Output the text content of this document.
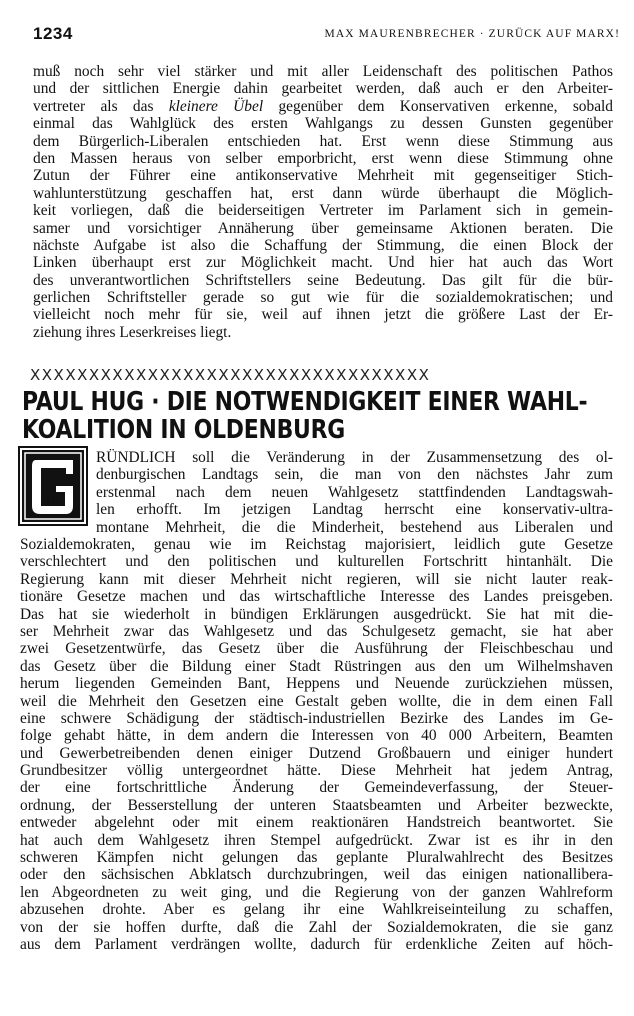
1234	MAX MAURENBRECHER · ZURÜCK AUF MARX!
muß noch sehr viel stärker und mit aller Leidenschaft des politischen Pathos
und der sittlichen Energie dahin gearbeitet werden, daß auch er den Arbeiter-
vertreter als das kleinere Übel gegenüber dem Konservativen erkenne, sobald
einmal das Wahlglück des ersten Wahlgangs zu dessen Gunsten gegenüber
dem Bürgerlich-Liberalen entschieden hat. Erst wenn diese Stimmung aus
den Massen heraus von selber emporbricht, erst wenn diese Stimmung ohne
Zutun der Führer eine antikonservative Mehrheit mit gegenseitiger Stich-
wahlunterstützung geschaffen hat, erst dann würde überhaupt die Möglich-
keit vorliegen, daß die beiderseitigen Vertreter im Parlament sich in gemein-
samer und vorsichtiger Annäherung über gemeinsame Aktionen beraten. Die
nächste Aufgabe ist also die Schaffung der Stimmung, die einen Block der
Linken überhaupt erst zur Möglichkeit macht. Und hier hat auch das Wort
des unverantwortlichen Schriftstellers seine Bedeutung. Das gilt für die bür-
gerlichen Schriftsteller gerade so gut wie für die sozialdemokratischen; und
vielleicht noch mehr für sie, weil auf ihnen jetzt die größere Last der Er-
ziehung ihres Leserkreises liegt.
XXXXXXXXXXXXXXXXXXXXXXXXXXXXXXXXXX
PAUL HUG · DIE NOTWENDIGKEIT EINER WAHL-
KOALITION IN OLDENBURG
RÜNDLICH soll die Veränderung in der Zusammensetzung des ol-
denburgischen Landtags sein, die man von den nächstes Jahr zum
erstenmal nach dem neuen Wahlgesetz stattfindenden Landtagswah-
len erhofft. Im jetzigen Landtag herrscht eine konservativ-ultra-
montane Mehrheit, die die Minderheit, bestehend aus Liberalen und
Sozialdemokraten, genau wie im Reichstag majorisiert, leidlich gute Gesetze
verschlechtert und den politischen und kulturellen Fortschritt hintanhält. Die
Regierung kann mit dieser Mehrheit nicht regieren, will sie nicht lauter reak-
tionäre Gesetze machen und das wirtschaftliche Interesse des Landes preisgeben.
Das hat sie wiederholt in bündigen Erklärungen ausgedrückt. Sie hat mit die-
ser Mehrheit zwar das Wahlgesetz und das Schulgesetz gemacht, sie hat aber
zwei Gesetzentwürfe, das Gesetz über die Ausführung der Fleischbeschau und
das Gesetz über die Bildung einer Stadt Rüstringen aus den um Wilhelmshaven
herum liegenden Gemeinden Bant, Heppens und Neuende zurückziehen müssen,
weil die Mehrheit den Gesetzen eine Gestalt geben wollte, die in dem einen Fall
eine schwere Schädigung der städtisch-industriellen Bezirke des Landes im Ge-
folge gehabt hätte, in dem andern die Interessen von 40 000 Arbeitern, Beamten
und Gewerbetreibenden denen einiger Dutzend Großbauern und einiger hundert
Grundbesitzer völlig untergeordnet hätte. Diese Mehrheit hat jedem Antrag,
der eine fortschrittliche Änderung der Gemeindeverfassung, der Steuer-
ordnung, der Besserstellung der unteren Staatsbeamten und Arbeiter bezweckte,
entweder abgelehnt oder mit einem reaktionären Handstreich beantwortet. Sie
hat auch dem Wahlgesetz ihren Stempel aufgedrückt. Zwar ist es ihr in den
schweren Kämpfen nicht gelungen das geplante Pluralwahlrecht des Besitzes
oder den sächsischen Abklatsch durchzubringen, weil das einigen nationallibera-
len Abgeordneten zu weit ging, und die Regierung von der ganzen Wahlreform
abzusehen drohte. Aber es gelang ihr eine Wahlkreiseinteilung zu schaffen,
von der sie hoffen durfte, daß die Zahl der Sozialdemokraten, die sie ganz
aus dem Parlament verdrängen wollte, dadurch für erdenkliche Zeiten auf höch-
